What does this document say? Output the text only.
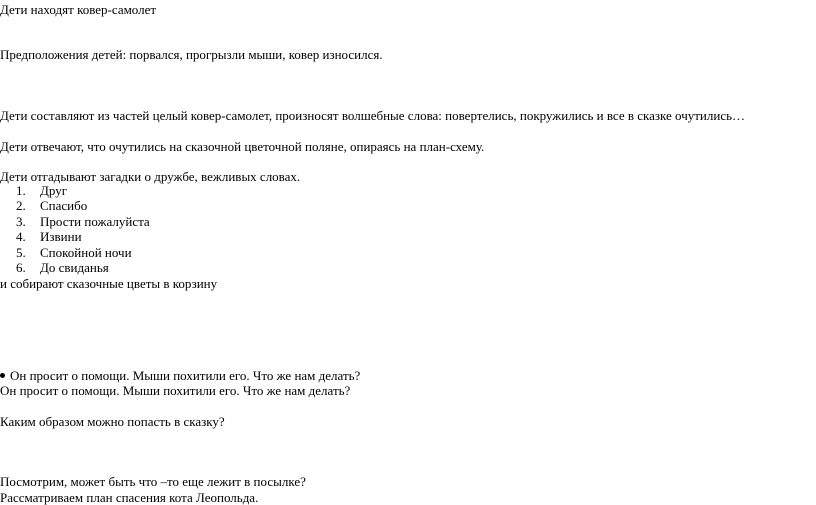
Дети находят ковер-самолет
Предположения детей: порвался, прогрызли мыши, ковер износился.
Дети составляют из частей целый ковер-самолет, произносят волшебные слова: повертелись, покружились и все в сказке очутились…
Дети отвечают, что очутились на сказочной цветочной поляне, опираясь на план-схему.
Дети отгадывают загадки о дружбе, вежливых словах.
1.	Друг
2.	Спасибо
3.	Прости пожалуйста
4.	Извини
5.	Спокойной ночи
6.	До свиданья
и собирают сказочные цветы в корзину
Он просит о помощи. Мыши похитили его. Что же нам делать?
Он просит о помощи. Мыши похитили его. Что же нам делать?
Каким образом можно попасть в сказку?
Посмотрим, может быть что –то еще лежит в посылке?
Рассматриваем план спасения кота Леопольда.
